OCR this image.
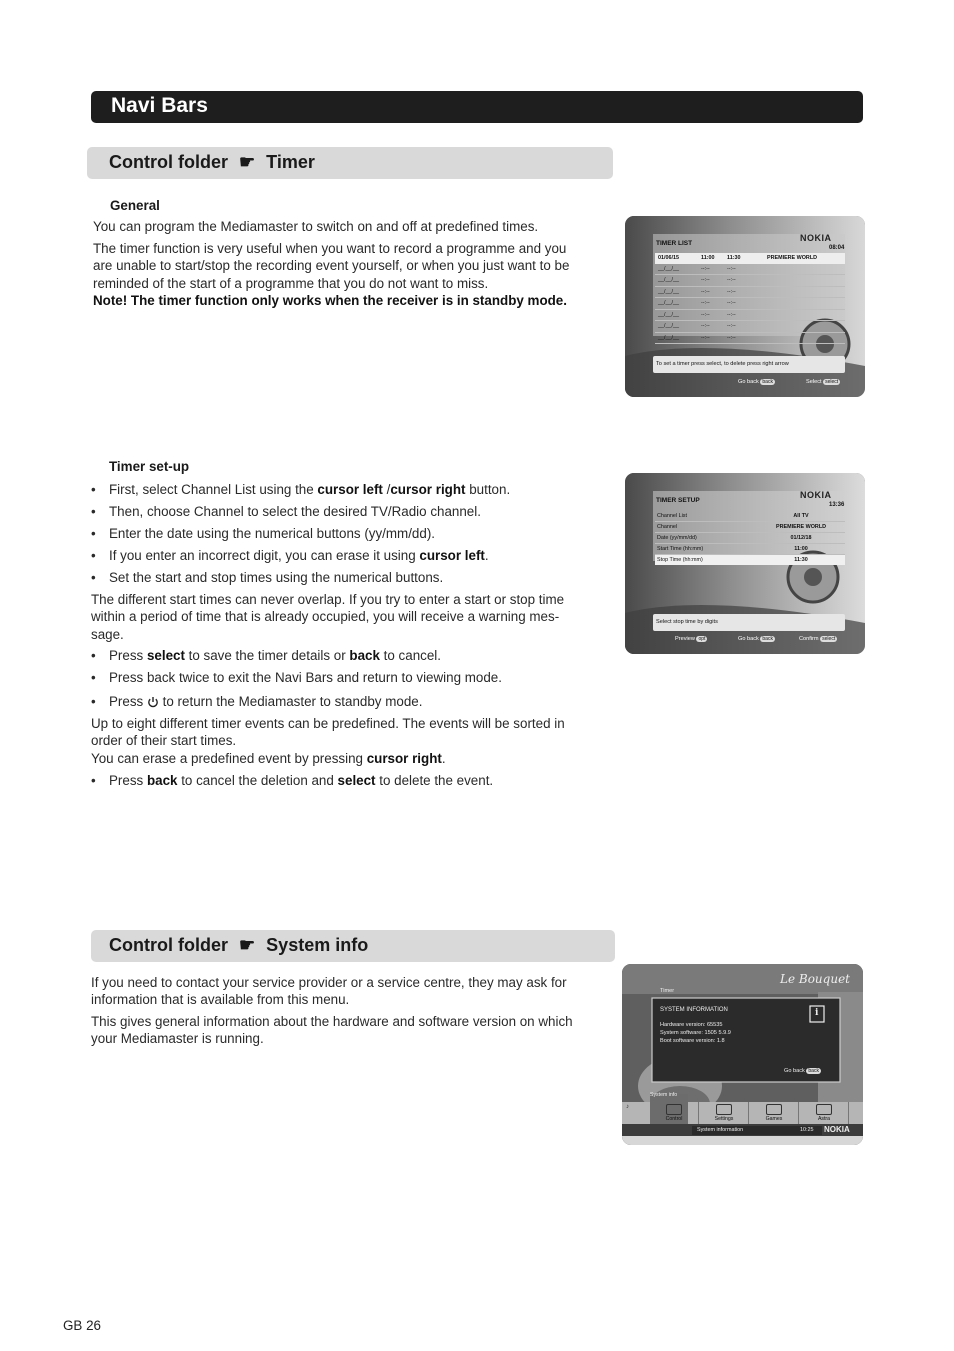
Navi Bars
Control folder ☛ Timer
General
You can program the Mediamaster to switch on and off at predefined times.
The timer function is very useful when you want to record a programme and you
are unable to start/stop the recording event yourself, or when you just want to be
reminded of the start of a programme that you do not want to miss.
Note! The timer function only works when the receiver is in standby mode.
TIMER LIST
NOKIA
08:04
01/06/15	11:00 11:30	PREMIERE WORLD
__/__/__	--:--	--:--
__/__/__	--:--	--:--
__/__/__	--:--	--:--
__/__/__	--:--	--:--
__/__/__	--:--	--:--
__/__/__	--:--	--:--
__/__/__	--:--	--:--
To set a timer press select, to delete press right arrow
Go back back	Select select
Timer set-up
• First, select Channel List using the cursor left /cursor right button.
• Then, choose Channel to select the desired TV/Radio channel.
• Enter the date using the numerical buttons (yy/mm/dd).
• If you enter an incorrect digit, you can erase it using cursor left.
• Set the start and stop times using the numerical buttons.
The different start times can never overlap. If you try to enter a start or stop time
within a period of time that is already occupied, you will receive a warning mes-
sage.
• Press select to save the timer details or back to cancel.
• Press back twice to exit the Navi Bars and return to viewing mode.
• Press  to return the Mediamaster to standby mode.
Up to eight different timer events can be predefined. The events will be sorted in
order of their start times.
You can erase a predefined event by pressing cursor right.
• Press back to cancel the deletion and select to delete the event.
TIMER SETUP
NOKIA
13:36
Channel List	All TV
Channel	PREMIERE WORLD
Date (yy/mm/dd)	01/12/18
Start Time (hh:mm)	11:00
Stop Time (hh:mm)	11:30
Select stop time by digits
Preview opt	Go back back	Confirm select
Control folder ☛ System info
If you need to contact your service provider or a service centre, they may ask for
information that is available from this menu.
This gives general information about the hardware and software version on which
your Mediamaster is running.
Le Bouquet
Timer
SYSTEM INFORMATION	i
Hardware version: 65535
System software: 1505 5.9.9
Boot software version: 1.8
Go back back
System info
♪
Control	Settings	Games	Astra
System information	10:25 NOKIA
GB 26
